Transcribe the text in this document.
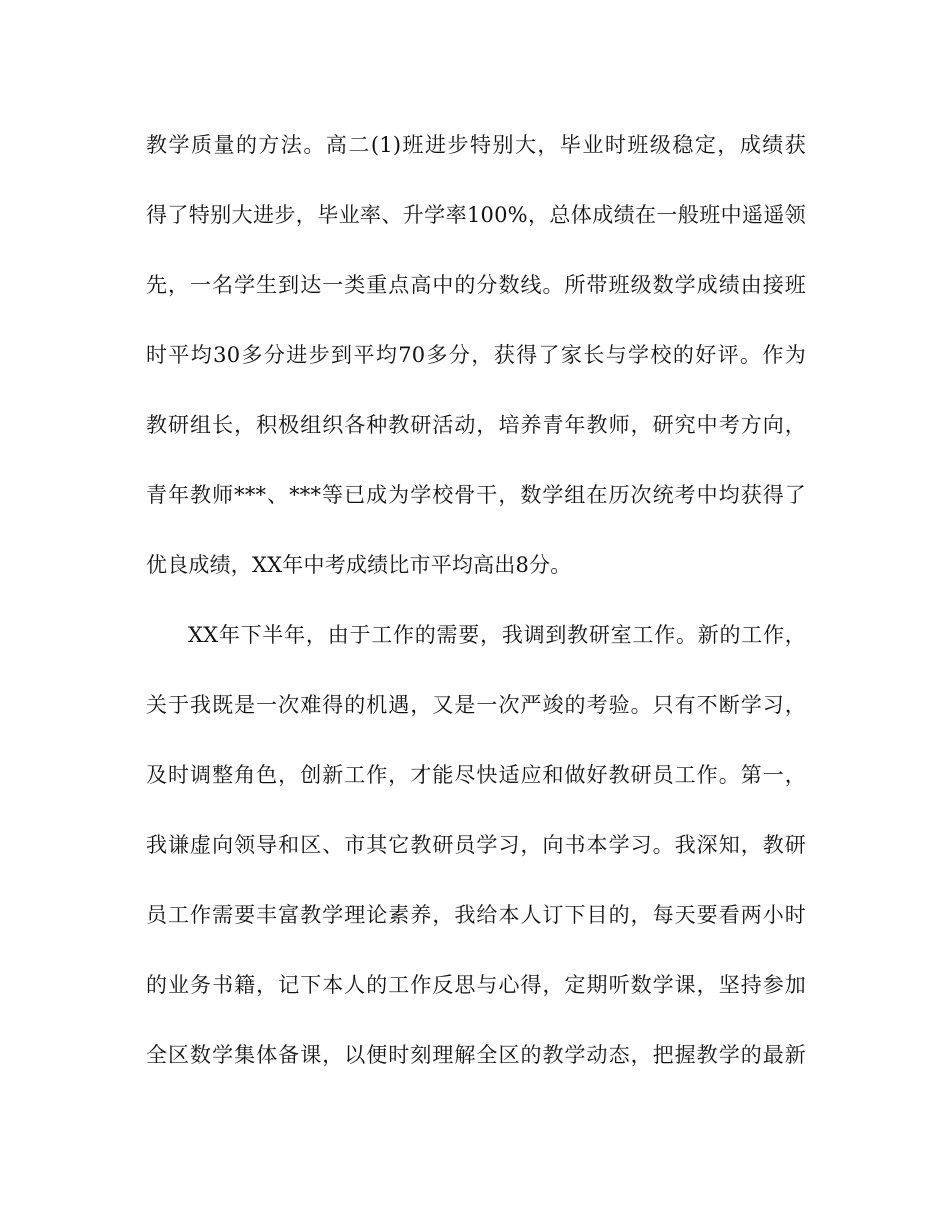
教学质量的方法。高二(1)班进步特别大，毕业时班级稳定，成绩获
得了特别大进步，毕业率、升学率100%，总体成绩在一般班中遥遥领
先，一名学生到达一类重点高中的分数线。所带班级数学成绩由接班
时平均30多分进步到平均70多分，获得了家长与学校的好评。作为
教研组长，积极组织各种教研活动，培养青年教师，研究中考方向，
青年教师***、***等已成为学校骨干，数学组在历次统考中均获得了
优良成绩，XX年中考成绩比市平均高出8分。
XX年下半年，由于工作的需要，我调到教研室工作。新的工作，
关于我既是一次难得的机遇，又是一次严竣的考验。只有不断学习，
及时调整角色，创新工作，才能尽快适应和做好教研员工作。第一，
我谦虚向领导和区、市其它教研员学习，向书本学习。我深知，教研
员工作需要丰富教学理论素养，我给本人订下目的，每天要看两小时
的业务书籍，记下本人的工作反思与心得，定期听数学课，坚持参加
全区数学集体备课，以便时刻理解全区的教学动态，把握教学的最新
